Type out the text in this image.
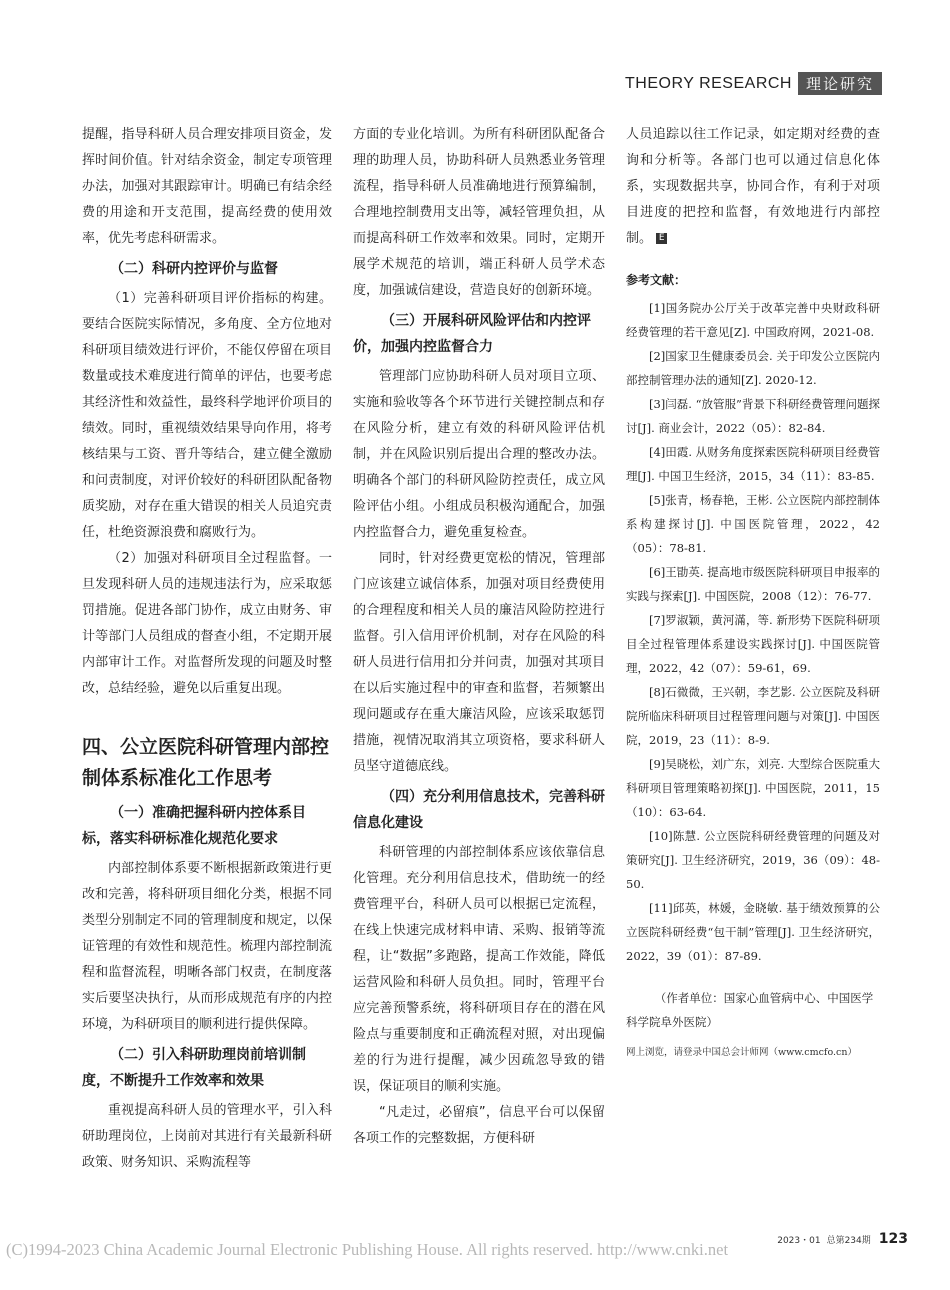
THEORY RESEARCH 理论研究

提醒，指导科研人员合理安排项目资金，发挥时间价值。针对结余资金，制定专项管理办法，加强对其跟踪审计。明确已有结余经费的用途和开支范围，提高经费的使用效率，优先考虑科研需求。

（二）科研内控评价与监督

（1）完善科研项目评价指标的构建。要结合医院实际情况，多角度、全方位地对科研项目绩效进行评价，不能仅停留在项目数量或技术难度进行简单的评估，也要考虑其经济性和效益性，最终科学地评价项目的绩效。同时，重视绩效结果导向作用，将考核结果与工资、晋升等结合，建立健全激励和问责制度，对评价较好的科研团队配备物质奖励，对存在重大错误的相关人员追究责任，杜绝资源浪费和腐败行为。

（2）加强对科研项目全过程监督。一旦发现科研人员的违规违法行为，应采取惩罚措施。促进各部门协作，成立由财务、审计等部门人员组成的督查小组，不定期开展内部审计工作。对监督所发现的问题及时整改，总结经验，避免以后重复出现。

四、公立医院科研管理内部控制体系标准化工作思考
（一）准确把握科研内控体系目标，落实科研标准化规范化要求

内部控制体系要不断根据新政策进行更改和完善，将科研项目细化分类，根据不同类型分别制定不同的管理制度和规定，以保证管理的有效性和规范性。梳理内部控制流程和监督流程，明晰各部门权责，在制度落实后要坚决执行，从而形成规范有序的内控环境，为科研项目的顺利进行提供保障。

（二）引入科研助理岗前培训制度，不断提升工作效率和效果

重视提高科研人员的管理水平，引入科研助理岗位，上岗前对其进行有关最新科研政策、财务知识、采购流程等

方面的专业化培训。为所有科研团队配备合理的助理人员，协助科研人员熟悉业务管理流程，指导科研人员准确地进行预算编制，合理地控制费用支出等，减轻管理负担，从而提高科研工作效率和效果。同时，定期开展学术规范的培训，端正科研人员学术态度，加强诚信建设，营造良好的创新环境。

（三）开展科研风险评估和内控评价，加强内控监督合力

管理部门应协助科研人员对项目立项、实施和验收等各个环节进行关键控制点和存在风险分析，建立有效的科研风险评估机制，并在风险识别后提出合理的整改办法。明确各个部门的科研风险防控责任，成立风险评估小组。小组成员积极沟通配合，加强内控监督合力，避免重复检查。

同时，针对经费更宽松的情况，管理部门应该建立诚信体系，加强对项目经费使用的合理程度和相关人员的廉洁风险防控进行监督。引入信用评价机制，对存在风险的科研人员进行信用扣分并问责，加强对其项目在以后实施过程中的审查和监督，若频繁出现问题或存在重大廉洁风险，应该采取惩罚措施，视情况取消其立项资格，要求科研人员坚守道德底线。

（四）充分利用信息技术，完善科研信息化建设

科研管理的内部控制体系应该依靠信息化管理。充分利用信息技术，借助统一的经费管理平台，科研人员可以根据已定流程，在线上快速完成材料申请、采购、报销等流程，让“数据”多跑路，提高工作效能，降低运营风险和科研人员负担。同时，管理平台应完善预警系统，将科研项目存在的潜在风险点与重要制度和正确流程对照，对出现偏差的行为进行提醒，减少因疏忽导致的错误，保证项目的顺利实施。

“凡走过，必留痕”，信息平台可以保留各项工作的完整数据，方便科研

人员追踪以往工作记录，如定期对经费的查询和分析等。各部门也可以通过信息化体系，实现数据共享，协同合作，有利于对项目进度的把控和监督，有效地进行内部控制。 E

参考文献：

[1]国务院办公厅关于改革完善中央财政科研经费管理的若干意见[Z]. 中国政府网，2021-08.

[2]国家卫生健康委员会. 关于印发公立医院内部控制管理办法的通知[Z]. 2020-12.

[3]闫磊. “放管服”背景下科研经费管理问题探讨[J]. 商业会计，2022（05）：82-84.

[4]田霞. 从财务角度探索医院科研项目经费管理[J]. 中国卫生经济，2015，34（11）：83-85.

[5]张青，杨春艳，王彬. 公立医院内部控制体系构建探讨[J]. 中国医院管理，2022，42（05）：78-81.

[6]王勖英. 提高地市级医院科研项目申报率的实践与探索[J]. 中国医院，2008（12）：76-77.

[7]罗淑颖，黄河滿，等. 新形势下医院科研项目全过程管理体系建设实践探讨[J]. 中国医院管理，2022，42（07）：59-61，69.

[8]石微微，王兴朝，李艺影. 公立医院及科研院所临床科研项目过程管理问题与对策[J]. 中国医院，2019，23（11）：8-9.

[9]吴晓松，刘广东，刘亮. 大型综合医院重大科研项目管理策略初探[J]. 中国医院，2011，15（10）：63-64.

[10]陈慧. 公立医院科研经费管理的问题及对策研究[J]. 卫生经济研究，2019，36（09）：48-50.

[11]邱英，林媛，金晓敏. 基于绩效预算的公立医院科研经费“包干制”管理[J]. 卫生经济研究，2022，39（01）：87-89.

（作者单位：国家心血管病中心、中国医学科学院阜外医院）
网上浏览，请登录中国总会计师网（www.cmcfo.cn）
2023・01 总第234期 123
(C)1994-2023 China Academic Journal Electronic Publishing House. All rights reserved. http://www.cnki.net
